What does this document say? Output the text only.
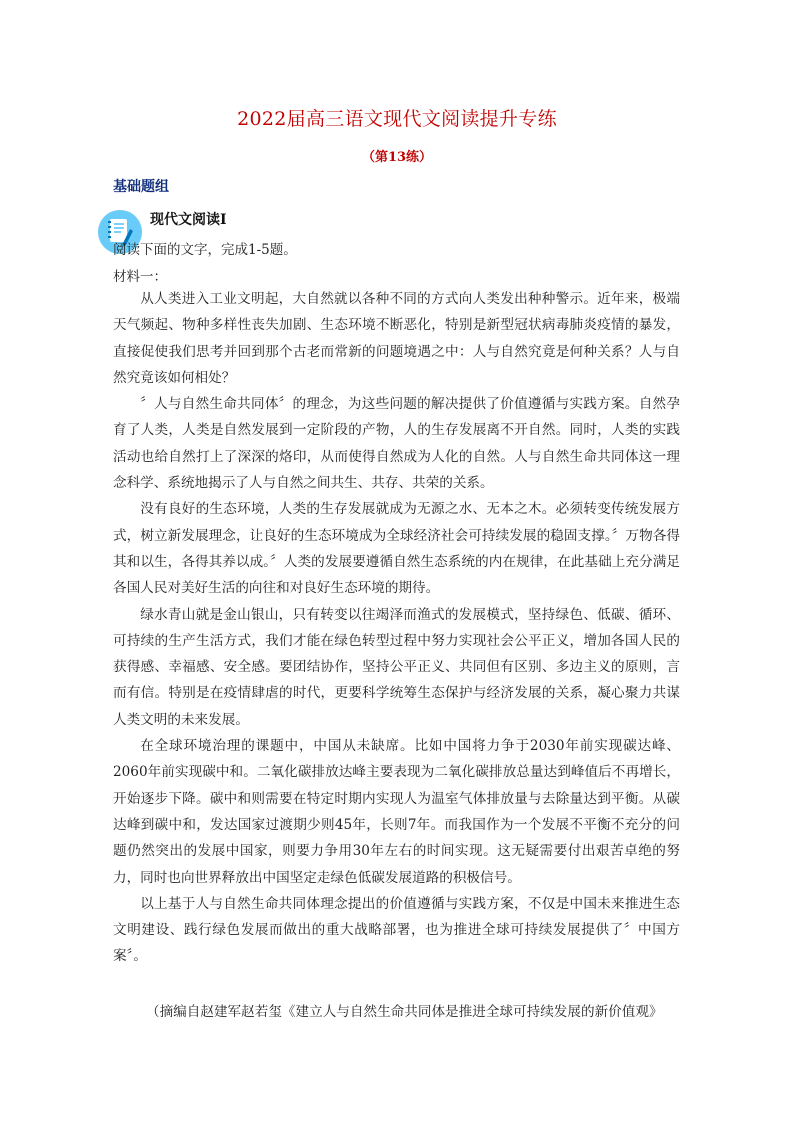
2022届高三语文现代文阅读提升专练
（第13练）
基础题组
现代文阅读Ⅰ
阅读下面的文字，完成1-5题。
材料一：

从人类进入工业文明起，大自然就以各种不同的方式向人类发出种种警示。近年来，极端天气频起、物种多样性丧失加剧、生态环境不断恶化，特别是新型冠状病毒肺炎疫情的暴发，直接促使我们思考并回到那个古老而常新的问题境遇之中：人与自然究竟是何种关系？人与自然究竟该如何相处？

〞人与自然生命共同体〞的理念，为这些问题的解决提供了价值遵循与实践方案。自然孕育了人类，人类是自然发展到一定阶段的产物，人的生存发展离不开自然。同时，人类的实践活动也给自然打上了深深的烙印，从而使得自然成为人化的自然。人与自然生命共同体这一理念科学、系统地揭示了人与自然之间共生、共存、共荣的关系。

没有良好的生态环境，人类的生存发展就成为无源之水、无本之木。必须转变传统发展方式，树立新发展理念，让良好的生态环境成为全球经济社会可持续发展的稳固支撑。〞万物各得其和以生，各得其养以成。〞人类的发展要遵循自然生态系统的内在规律，在此基础上充分满足各国人民对美好生活的向往和对良好生态环境的期待。

绿水青山就是金山银山，只有转变以往竭泽而渔式的发展模式，坚持绿色、低碳、循环、可持续的生产生活方式，我们才能在绿色转型过程中努力实现社会公平正义，增加各国人民的获得感、幸福感、安全感。要团结协作，坚持公平正义、共同但有区别、多边主义的原则，言而有信。特别是在疫情肆虐的时代，更要科学统筹生态保护与经济发展的关系，凝心聚力共谋人类文明的未来发展。

在全球环境治理的课题中，中国从未缺席。比如中国将力争于2030年前实现碳达峰、2060年前实现碳中和。二氧化碳排放达峰主要表现为二氧化碳排放总量达到峰值后不再增长，开始逐步下降。碳中和则需要在特定时期内实现人为温室气体排放量与去除量达到平衡。从碳达峰到碳中和，发达国家过渡期少则45年，长则7年。而我国作为一个发展不平衡不充分的问题仍然突出的发展中国家，则要力争用30年左右的时间实现。这无疑需要付出艰苦卓绝的努力，同时也向世界释放出中国坚定走绿色低碳发展道路的积极信号。

以上基于人与自然生命共同体理念提出的价值遵循与实践方案，不仅是中国未来推进生态文明建设、践行绿色发展而做出的重大战略部署，也为推进全球可持续发展提供了〞中国方案〞。

（摘编自赵建军赵若玺《建立人与自然生命共同体是推进全球可持续发展的新价值观》
